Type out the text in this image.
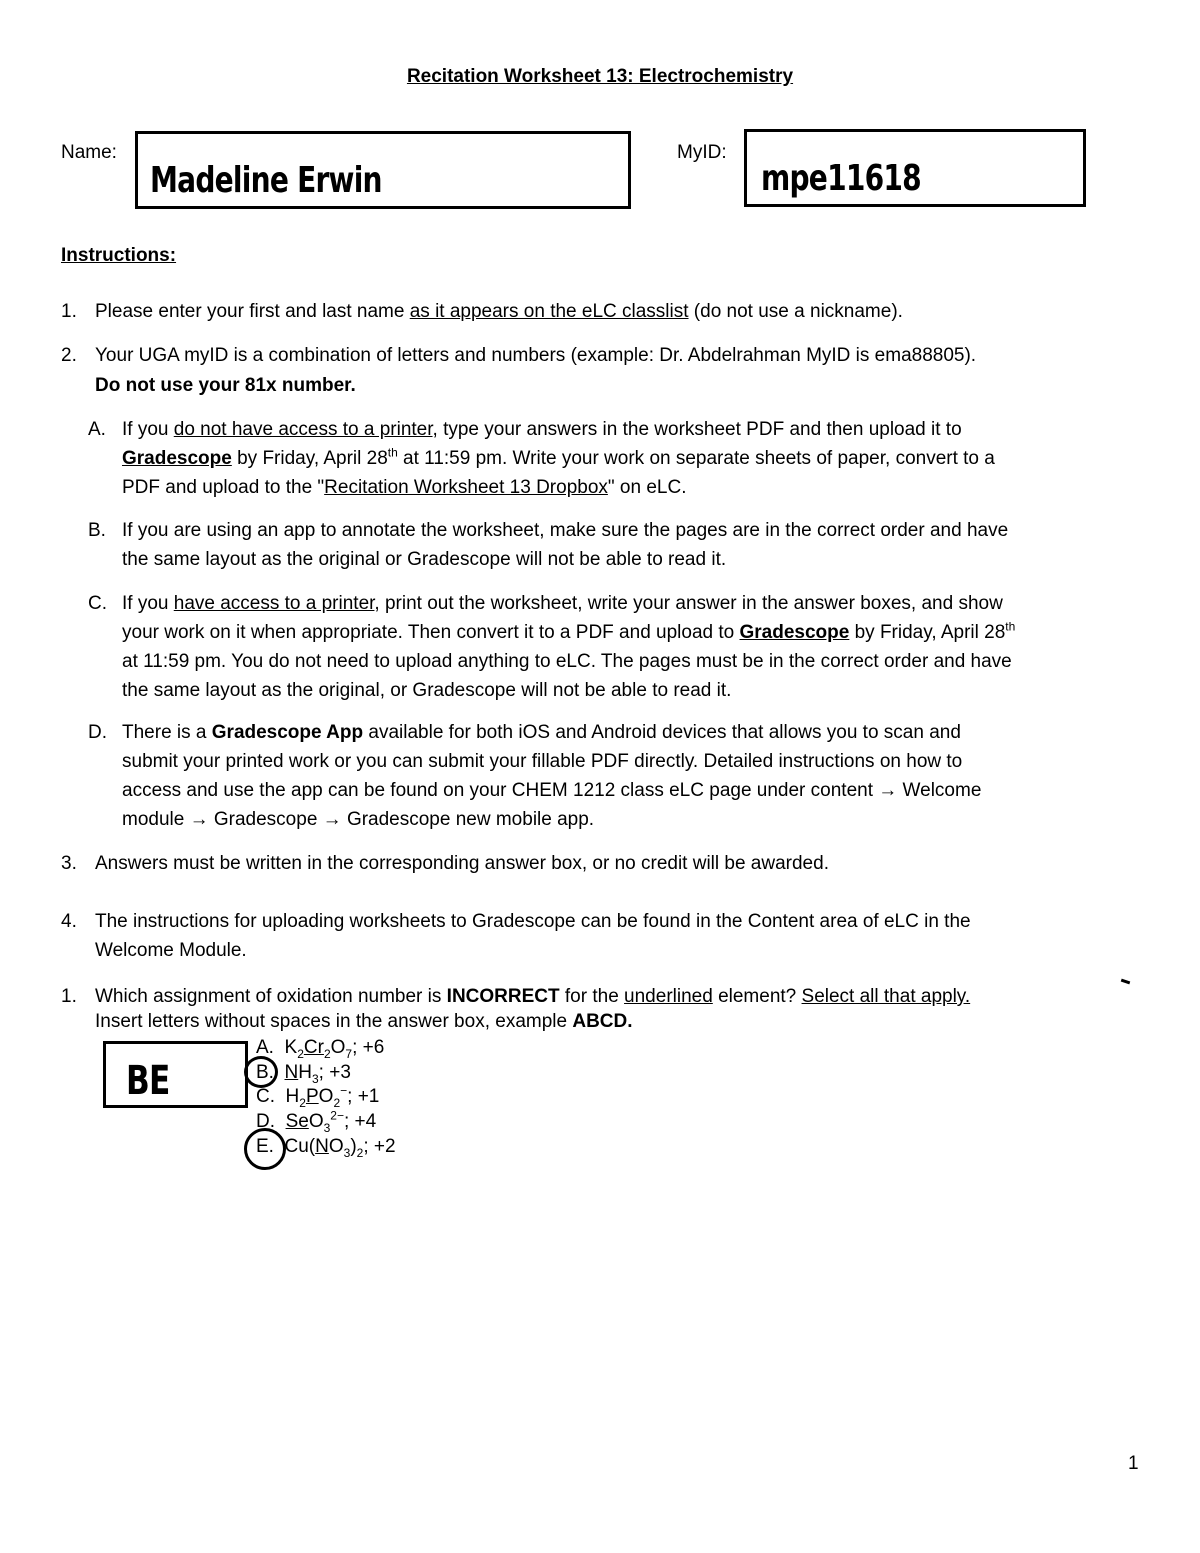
Recitation Worksheet 13: Electrochemistry
Name:
Madeline Erwin
MyID:
mpe11618
Instructions:
1. Please enter your first and last name as it appears on the eLC classlist (do not use a nickname).
2. Your UGA myID is a combination of letters and numbers (example: Dr. Abdelrahman MyID is ema88805).
Do not use your 81x number.
A. If you do not have access to a printer, type your answers in the worksheet PDF and then upload it to
Gradescope by Friday, April 28th at 11:59 pm. Write your work on separate sheets of paper, convert to a
PDF and upload to the "Recitation Worksheet 13 Dropbox" on eLC.
B. If you are using an app to annotate the worksheet, make sure the pages are in the correct order and have
the same layout as the original or Gradescope will not be able to read it.
C. If you have access to a printer, print out the worksheet, write your answer in the answer boxes, and show
your work on it when appropriate. Then convert it to a PDF and upload to Gradescope by Friday, April 28th
at 11:59 pm. You do not need to upload anything to eLC. The pages must be in the correct order and have
the same layout as the original, or Gradescope will not be able to read it.
D. There is a Gradescope App available for both iOS and Android devices that allows you to scan and
submit your printed work or you can submit your fillable PDF directly. Detailed instructions on how to
access and use the app can be found on your CHEM 1212 class eLC page under content → Welcome
module → Gradescope → Gradescope new mobile app.
3. Answers must be written in the corresponding answer box, or no credit will be awarded.
4. The instructions for uploading worksheets to Gradescope can be found in the Content area of eLC in the
Welcome Module.
1. Which assignment of oxidation number is INCORRECT for the underlined element? Select all that apply.
Insert letters without spaces in the answer box, example ABCD.
BE
A.  $K_2Cr_2O_7$; +6
B. $NH_3$; +3
C.  $H_2PO_2^-$; +1
D. SeO$_3^{2-}$; +4
E.  $Cu(NO_3)_2$; +2
1
